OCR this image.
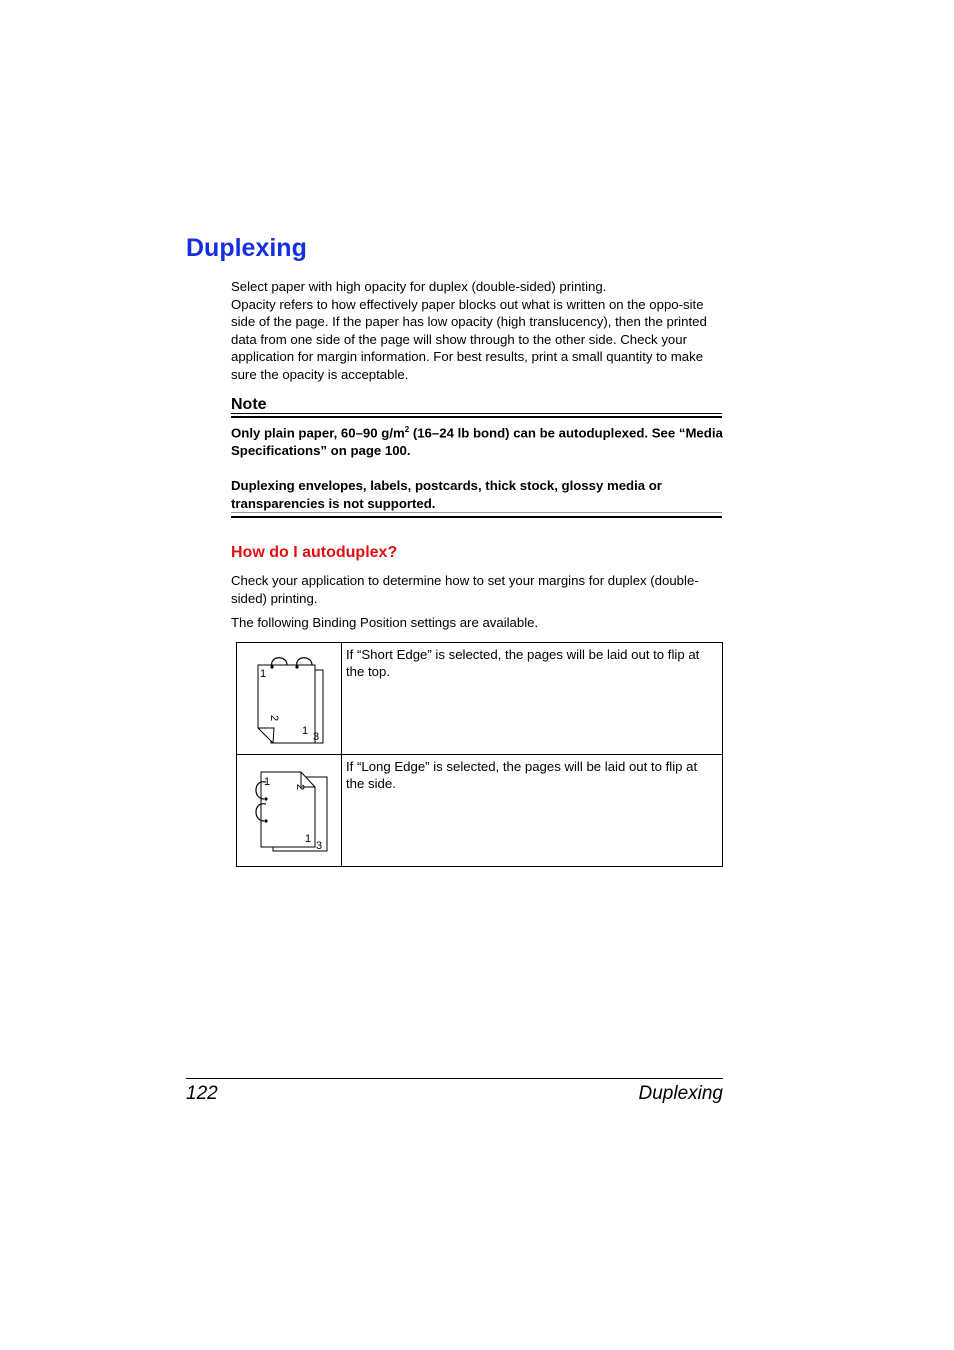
Duplexing

Select paper with high opacity for duplex (double-sided) printing.

Opacity refers to how effectively paper blocks out what is written on the oppo-site side of the page. If the paper has low opacity (high translucency), then the printed data from one side of the page will show through to the other side. Check your application for margin information. For best results, print a small quantity to make sure the opacity is acceptable.

Note

Only plain paper, 60–90 $g/m^2$ (16–24 lb bond) can be autoduplexed. See “Media Specifications” on page 100.

Duplexing envelopes, labels, postcards, thick stock, glossy media or transparencies is not supported.

How do I autoduplex?

Check your application to determine how to set your margins for duplex (double-sided) printing.

The following Binding Position settings are available.

1
2
1 3	If “Short Edge” is selected, the pages will be laid out to flip at the top.

1 2
1
3	If “Long Edge” is selected, the pages will be laid out to flip at the side.
122	Duplexing
